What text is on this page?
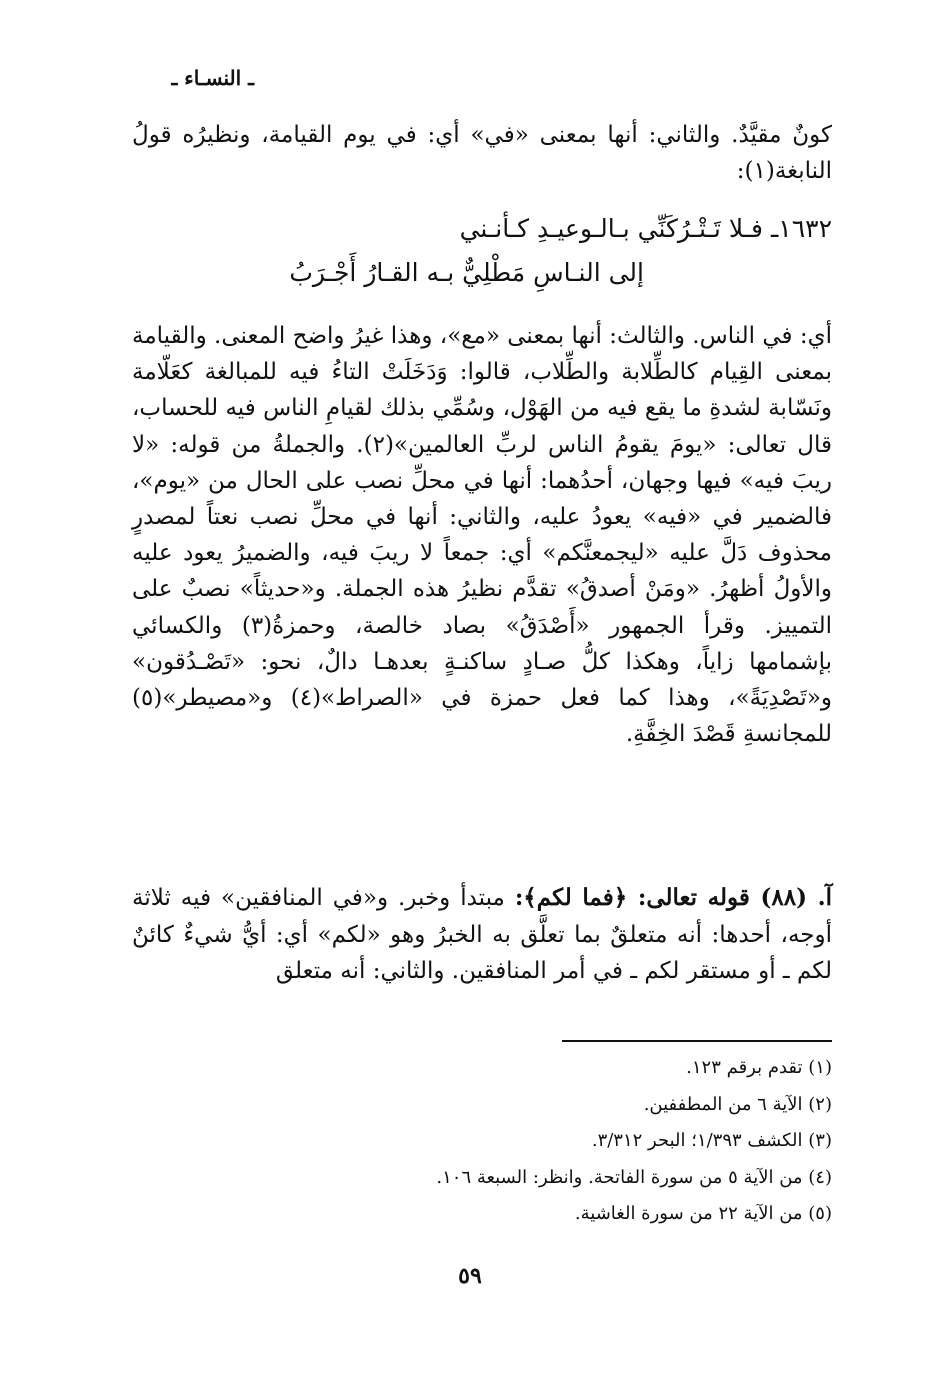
ـ النسـاء ـ

كونٌ مقيَّدٌ. والثاني: أنها بمعنى «في» أي: في يوم القيامة، ونظيرُه قولُ النابغة(١):

١٦٣٢ـ فـلا تَـتْـرُكَنِّي بـالـوعيـدِ كـأنـني
إلى النـاسِ مَطْلِيٌّ بـه القـارُ أَجْـرَبُ

أي: في الناس. والثالث: أنها بمعنى «مع»، وهذا غيرُ واضح المعنى. والقيامة بمعنى القِيام كالطِّلابة والطِّلاب، قالوا: وَدَخَلَتْ التاءُ فيه للمبالغة كعَلّامة ونَسّابة لشدةِ ما يقع فيه من الهَوْل، وسُمِّي بذلك لقيامِ الناس فيه للحساب، قال تعالى: «يومَ يقومُ الناس لربِّ العالمين»(٢). والجملةُ من قوله: «لا ريبَ فيه» فيها وجهان، أحدُهما: أنها في محلِّ نصب على الحال من «يوم»، فالضمير في «فيه» يعودُ عليه، والثاني: أنها في محلِّ نصب نعتاً لمصدرٍ محذوف دَلَّ عليه «ليجمعنَّكم» أي: جمعاً لا ريبَ فيه، والضميرُ يعود عليه والأولُ أظهرُ. «ومَنْ أصدقُ» تقدَّم نظيرُ هذه الجملة. و«حديثاً» نصبٌ على التمييز. وقرأ الجمهور «أَصْدَقُ» بصاد خالصة، وحمزةُ(٣) والكسائي بإشمامها زاياً، وهكذا كلُّ صـادٍ ساكنـةٍ بعدهـا دالٌ، نحو: «تَصْـدُقون» و«تَصْدِيَةً»، وهذا كما فعل حمزة في «الصراط»(٤) و«مصيطر»(٥) للمجانسةِ قَصْدَ الخِفَّةِ.

آ. (٨٨) قوله تعالى: ﴿فما لكم﴾: مبتدأ وخبر. و«في المنافقين» فيه ثلاثة أوجه، أحدها: أنه متعلقٌ بما تعلَّق به الخبرُ وهو «لكم» أي: أيُّ شيءٌ كائنٌ لكم ـ أو مستقر لكم ـ في أمر المنافقين. والثاني: أنه متعلق

(١) تقدم برقم ١٢٣.
(٢) الآية ٦ من المطففين.
(٣) الكشف ١/٣٩٣؛ البحر ٣/٣١٢.
(٤) من الآية ٥ من سورة الفاتحة. وانظر: السبعة ١٠٦.
(٥) من الآية ٢٢ من سورة الغاشية.
٥٩
